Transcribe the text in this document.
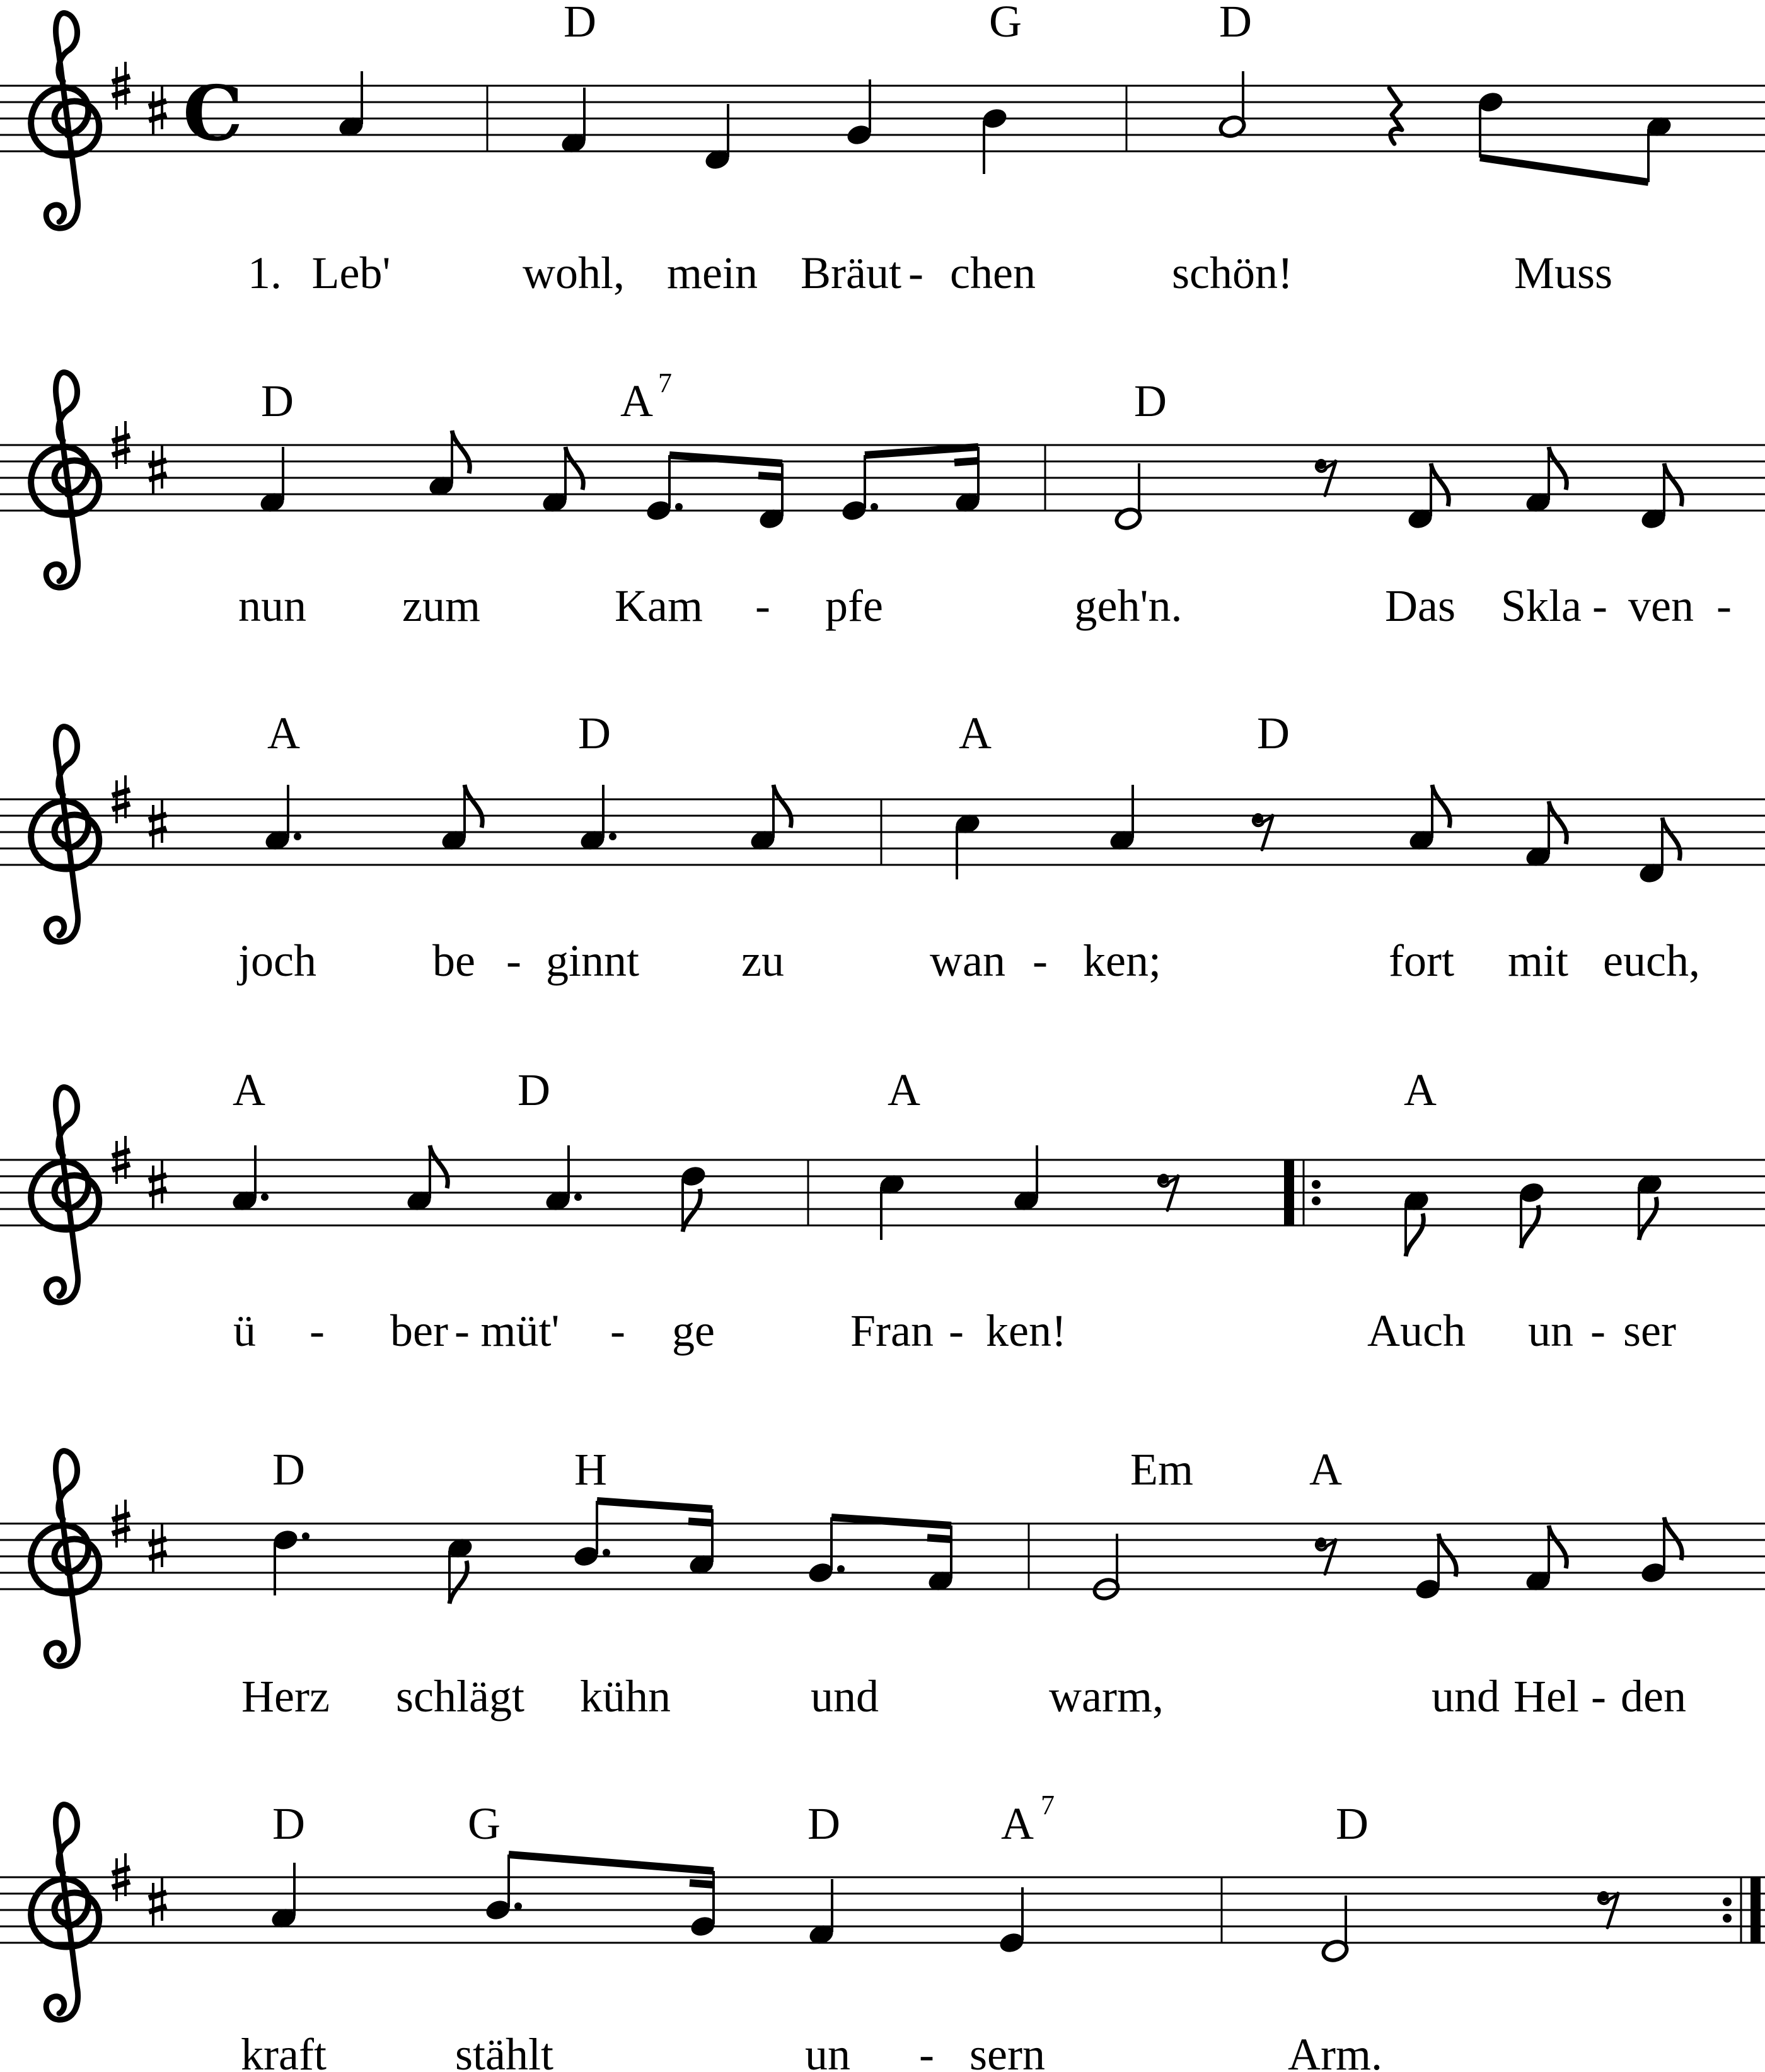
C
D	G	D
1. Leb'	wohl, mein Bräut - chen	schön!	Muss
D	A 7	D
nun zum	Kam - pfe	geh'n.	Das Skla - ven -
A	D	A	D
joch	be - ginnt zu	wan - ken;	fort mit euch,
A	D	A	A
ü - ber - müt' - ge	Fran - ken!	Auch un - ser
D	H	Em	A
Herz schlägt kühn	und	warm,	und Hel - den
D	G	D	A 7	D
kraft	stählt	un - sern	Arm.
